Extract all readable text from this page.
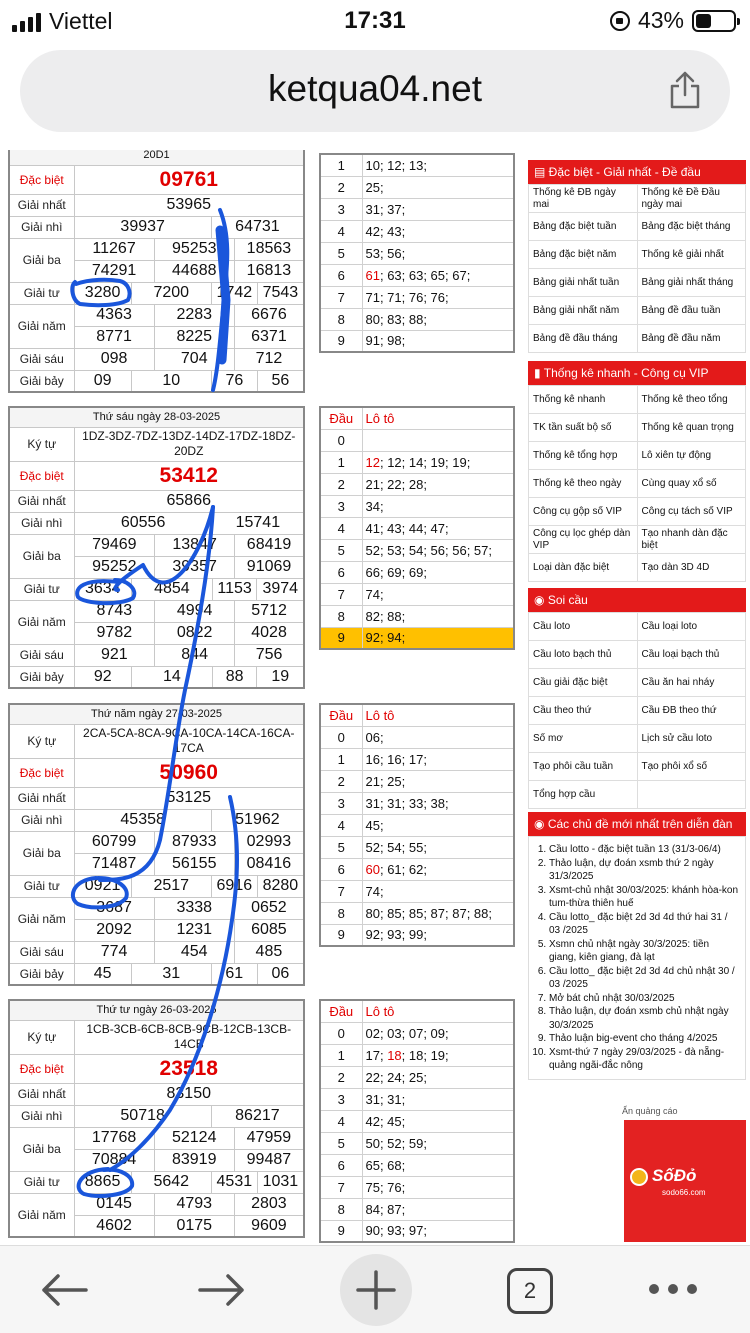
Viettel	17:31	43%
ketqua04.net
20D1						
Đặc biệt	09761					
Giải nhất	53965					
Giải nhì	39937			64731		
Giải ba	11267		95253		18563	
	74291		44688		16813	
Giải tư	3280	7200		1742		7543
Giải năm	4363		2283		6676	
	8771		8225		6371	
Giải sáu	098		704		712	
Giải bảy	09	10		76		56
1	10; 12; 13;
2	25;
3	31; 37;
4	42; 43;
5	53; 56;
6	61; 63; 63; 65; 67;
7	71; 71; 76; 76;
8	80; 83; 88;
9	91; 98;
Thứ sáu ngày 28-03-2025						
Ký tự	1DZ-3DZ-7DZ-13DZ-14DZ-17DZ-18DZ-20DZ					
Đặc biệt	53412					
Giải nhất	65866					
Giải nhì	60556			15741		
Giải ba	79469		13847		68419	
	95252		39357		91069	
Giải tư	3634	4854		1153		3974
Giải năm	8743		4994		5712	
	9782		0822		4028	
Giải sáu	921		844		756	
Giải bảy	92	14		88		19
Đầu	Lô tô
0	
1	12; 12; 14; 19; 19;
2	21; 22; 28;
3	34;
4	41; 43; 44; 47;
5	52; 53; 54; 56; 56; 57;
6	66; 69; 69;
7	74;
8	82; 88;
9	92; 94;
Thứ năm ngày 27-03-2025						
Ký tự	2CA-5CA-8CA-9CA-10CA-14CA-16CA-17CA					
Đặc biệt	50960					
Giải nhất	53125					
Giải nhì	45358			51962		
Giải ba	60799		87933		02993	
	71487		56155		08416	
Giải tư	0921	2517		6916		8280
Giải năm	3687		3338		0652	
	2092		1231		6085	
Giải sáu	774		454		485	
Giải bảy	45	31		61		06
Đầu	Lô tô
0	06;
1	16; 16; 17;
2	21; 25;
3	31; 31; 33; 38;
4	45;
5	52; 54; 55;
6	60; 61; 62;
7	74;
8	80; 85; 85; 87; 87; 88;
9	92; 93; 99;
Thứ tư ngày 26-03-2025						
Ký tự	1CB-3CB-6CB-8CB-9CB-12CB-13CB-14CB					
Đặc biệt	23518					
Giải nhất	83150					
Giải nhì	50718			86217		
Giải ba	17768		52124		47959	
	70884		83919		99487	
Giải tư	8865	5642		4531		1031
Giải năm	0145		4793		2803	
	4602		0175		9609	
Đầu	Lô tô
0	02; 03; 07; 09;
1	17; 18; 18; 19;
2	22; 24; 25;
3	31; 31;
4	42; 45;
5	50; 52; 59;
6	65; 68;
7	75; 76;
8	84; 87;
9	90; 93; 97;
▤ Đặc biệt - Giải nhất - Đề đầu
Thống kê ĐB ngày mai	Thống kê Đề Đầu ngày mai
Bảng đặc biệt tuần	Bảng đặc biệt tháng
Bảng đặc biệt năm	Thống kê giải nhất
Bảng giải nhất tuần	Bảng giải nhất tháng
Bảng giải nhất năm	Bảng đề đầu tuần
Bảng đề đầu tháng	Bảng đề đầu năm
▮ Thống kê nhanh - Công cụ VIP
Thống kê nhanh	Thống kê theo tổng
TK tần suất bộ số	Thống kê quan trọng
Thống kê tổng hợp	Lô xiên tự động
Thống kê theo ngày	Cùng quay xổ số
Công cụ gộp số VIP	Công cụ tách số VIP
Công cụ lọc ghép dàn VIP	Tạo nhanh dàn đặc biệt
Loại dàn đặc biệt	Tạo dàn 3D 4D
◉ Soi cầu
Cầu loto	Cầu loại loto
Cầu loto bạch thủ	Cầu loại bạch thủ
Cầu giải đặc biệt	Cầu ăn hai nháy
Cầu theo thứ	Cầu ĐB theo thứ
Số mơ	Lịch sử cầu loto
Tạo phôi cầu tuần	Tạo phôi xổ số
Tổng hợp cầu	
◉ Các chủ đề mới nhất trên diễn đàn
1. Cầu lotto - đặc biệt tuần 13 (31/3-06/4)
2. Thảo luận, dự đoán xsmb thứ 2 ngày 31/3/2025
3. Xsmt-chủ nhật 30/03/2025: khánh hòa-kon tum-thừa thiên huế
4. Cầu lotto_ đặc biệt 2d 3d 4d thứ hai 31 / 03 /2025
5. Xsmn chủ nhật ngày 30/3/2025: tiền giang, kiên giang, đà lạt
6. Cầu lotto_ đặc biệt 2d 3d 4d chủ nhật 30 / 03 /2025
7. Mở bát chủ nhật 30/03/2025
8. Thảo luận, dự đoán xsmb chủ nhật ngày 30/3/2025
9. Thảo luận big-event cho tháng 4/2025
10. Xsmt-thứ 7 ngày 29/03/2025 - đà nẵng-quảng ngãi-đắc nông
Ẩn quảng cáo
SốĐỏ
sodo66.com
2
